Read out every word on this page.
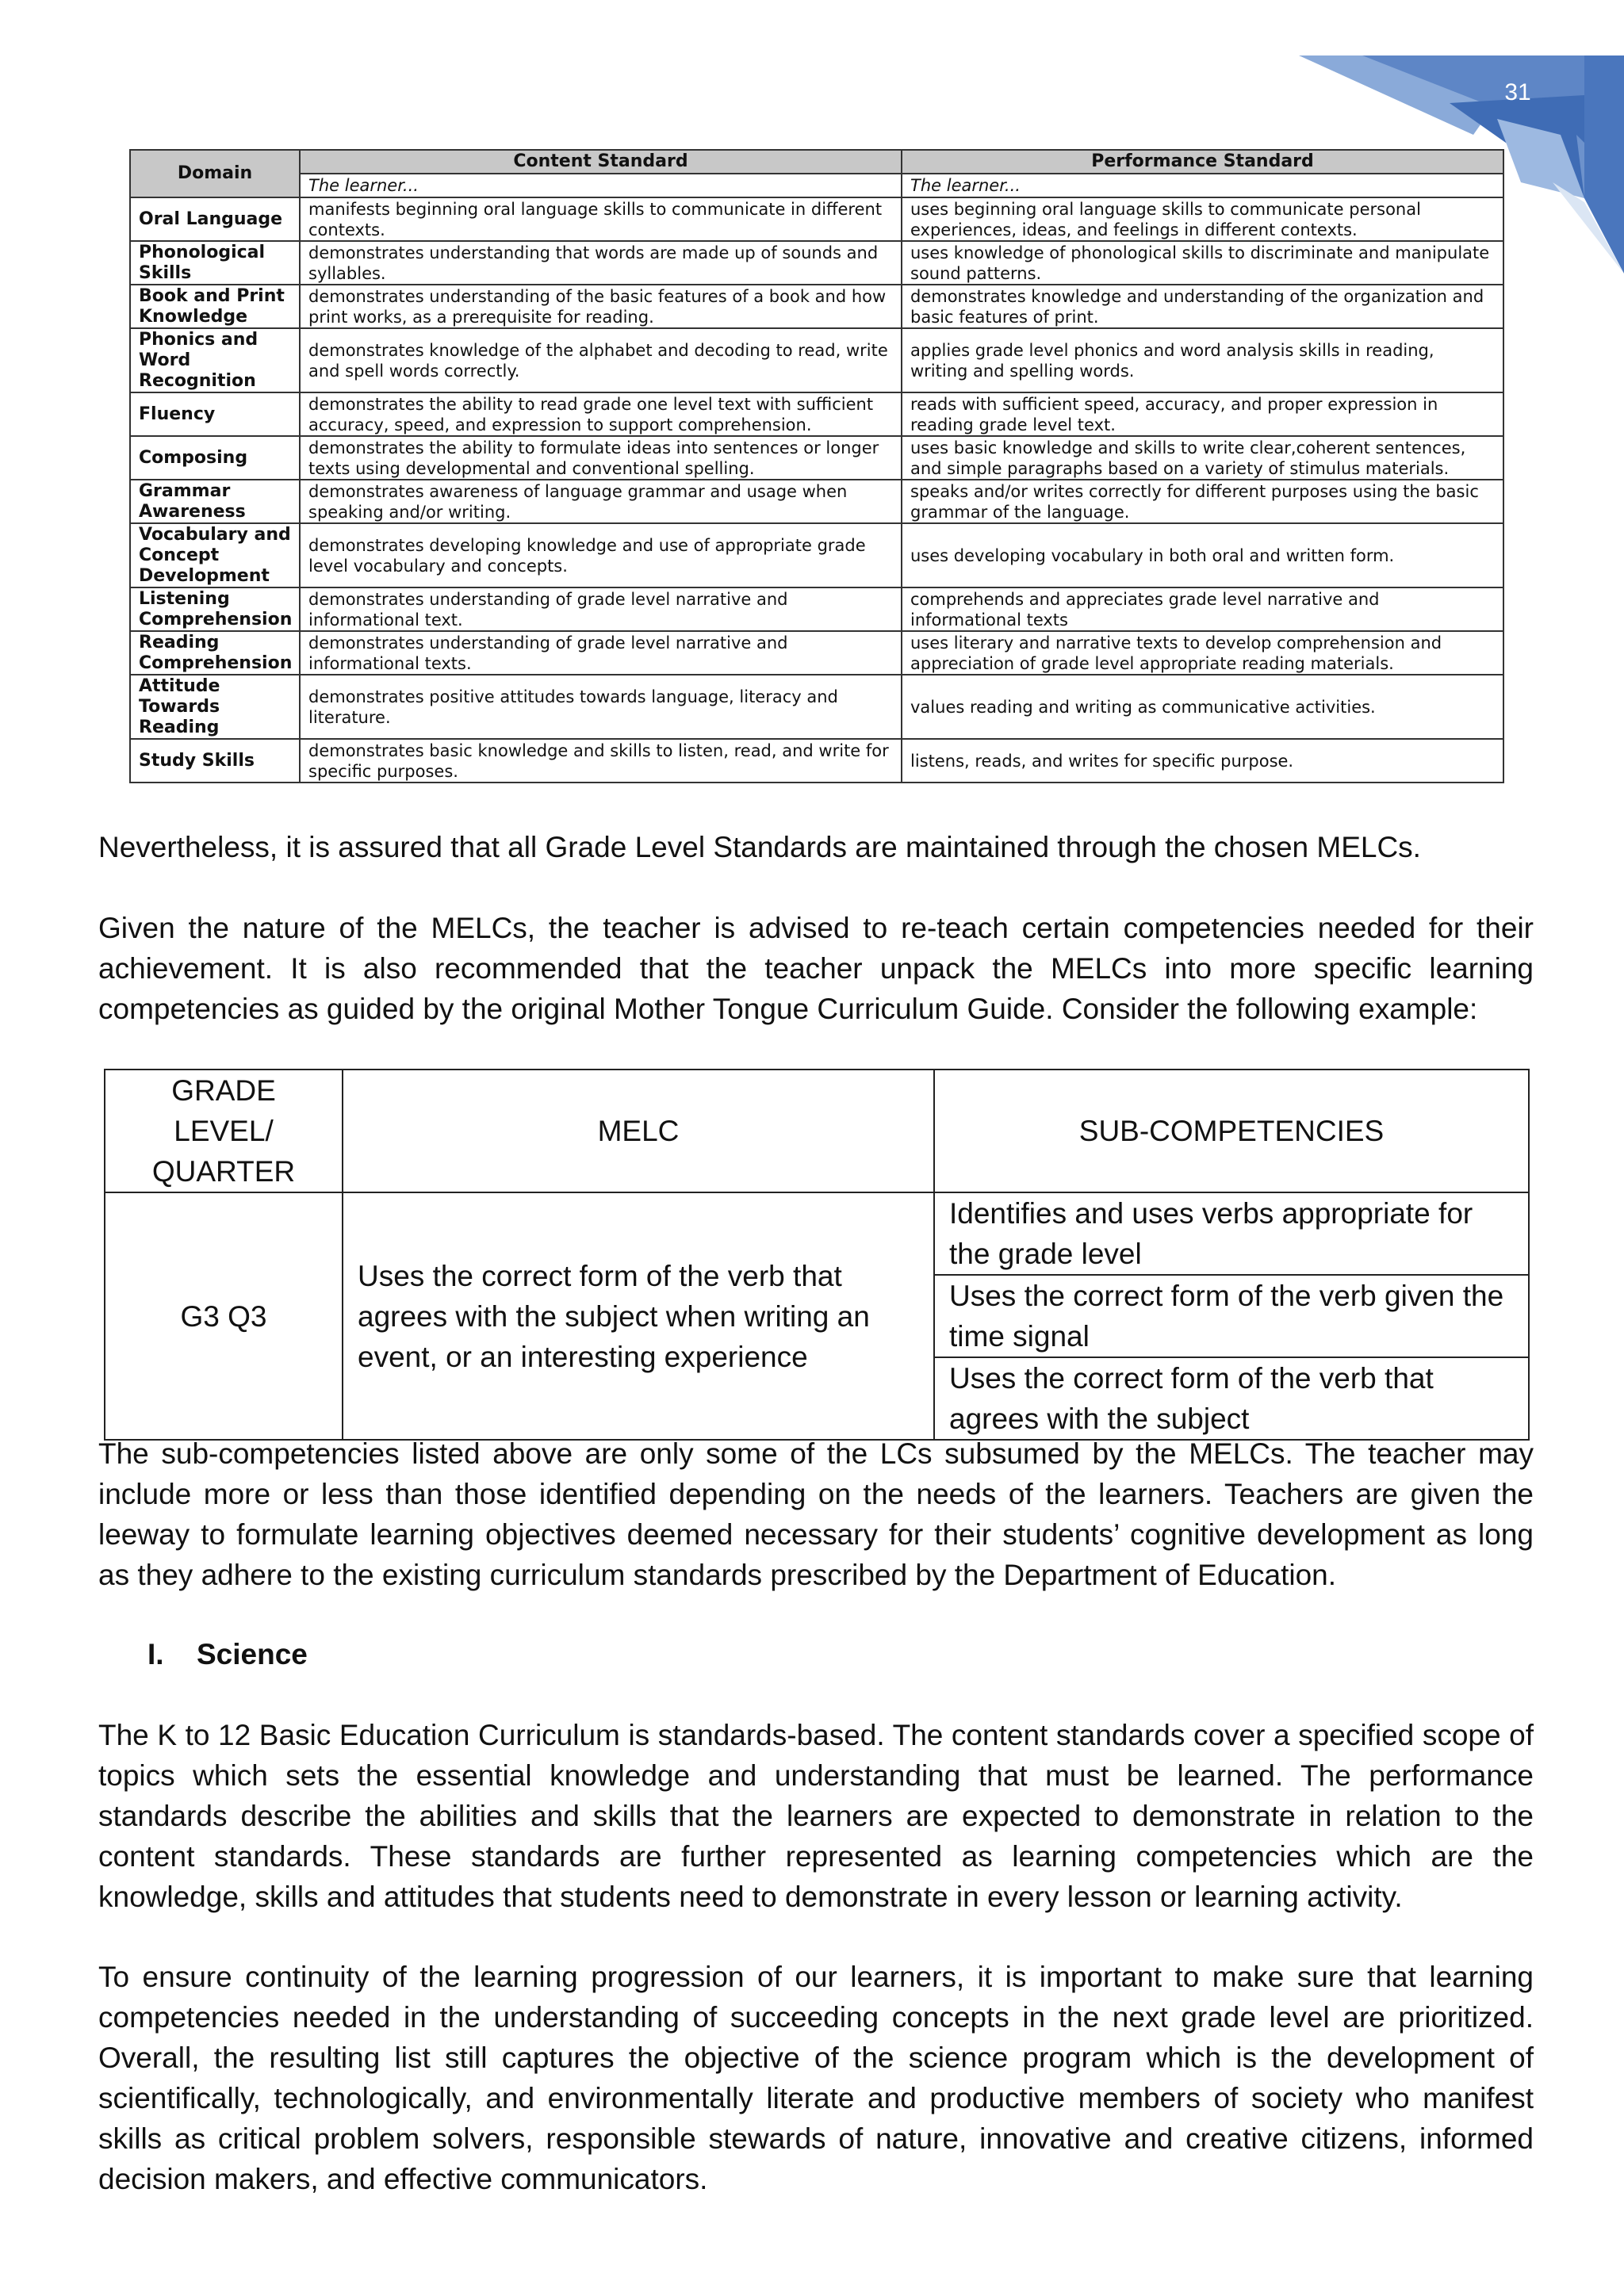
31
Domain	Content Standard	Performance Standard
	The learner...	The learner...
Oral Language	manifests beginning oral language skills to communicate in different contexts.	uses beginning oral language skills to communicate personal experiences, ideas, and feelings in different contexts.
Phonological Skills	demonstrates understanding that words are made up of sounds and syllables.	uses knowledge of phonological skills to discriminate and manipulate sound patterns.
Book and Print Knowledge	demonstrates understanding of the basic features of a book and how print works, as a prerequisite for reading.	demonstrates knowledge and understanding of the organization and basic features of print.
Phonics and Word Recognition	demonstrates knowledge of the alphabet and decoding to read, write and spell words correctly.	applies grade level phonics and word analysis skills in reading, writing and spelling words.
Fluency	demonstrates the ability to read grade one level text with sufficient accuracy, speed, and expression to support comprehension.	reads with sufficient speed, accuracy, and proper expression in reading grade level text.
Composing	demonstrates the ability to formulate ideas into sentences or longer texts using developmental and conventional spelling.	uses basic knowledge and skills to write clear,coherent sentences, and simple paragraphs based on a variety of stimulus materials.
Grammar Awareness	demonstrates awareness of language grammar and usage when speaking and/or writing.	speaks and/or writes correctly for different purposes using the basic grammar of the language.
Vocabulary and Concept Development	demonstrates developing knowledge and use of appropriate grade level vocabulary and concepts.	uses developing vocabulary in both oral and written form.
Listening Comprehension	demonstrates understanding of grade level narrative and informational text.	comprehends and appreciates grade level narrative and informational texts
Reading Comprehension	demonstrates understanding of grade level narrative and informational texts.	uses literary and narrative texts to develop comprehension and appreciation of grade level appropriate reading materials.
Attitude Towards Reading	demonstrates positive attitudes towards language, literacy and literature.	values reading and writing as communicative activities.
Study Skills	demonstrates basic knowledge and skills to listen, read, and write for specific purposes.	listens, reads, and writes for specific purpose.

Nevertheless, it is assured that all Grade Level Standards are maintained through the chosen MELCs.

Given the nature of the MELCs, the teacher is advised to re-teach certain competencies needed for their achievement. It is also recommended that the teacher unpack the MELCs into more specific learning competencies as guided by the original Mother Tongue Curriculum Guide. Consider the following example:

GRADE LEVEL/ QUARTER	MELC	SUB-COMPETENCIES
G3 Q3	Uses the correct form of the verb that agrees with the subject when writing an event, or an interesting experience	Identifies and uses verbs appropriate for the grade level
		Uses the correct form of the verb given the time signal
		Uses the correct form of the verb that agrees with the subject

The sub-competencies listed above are only some of the LCs subsumed by the MELCs. The teacher may include more or less than those identified depending on the needs of the learners. Teachers are given the leeway to formulate learning objectives deemed necessary for their students’ cognitive development as long as they adhere to the existing curriculum standards prescribed by the Department of Education.

I. Science

The K to 12 Basic Education Curriculum is standards-based. The content standards cover a specified scope of topics which sets the essential knowledge and understanding that must be learned. The performance standards describe the abilities and skills that the learners are expected to demonstrate in relation to the content standards. These standards are further represented as learning competencies which are the knowledge, skills and attitudes that students need to demonstrate in every lesson or learning activity.

To ensure continuity of the learning progression of our learners, it is important to make sure that learning competencies needed in the understanding of succeeding concepts in the next grade level are prioritized. Overall, the resulting list still captures the objective of the science program which is the development of scientifically, technologically, and environmentally literate and productive members of society who manifest skills as critical problem solvers, responsible stewards of nature, innovative and creative citizens, informed decision makers, and effective communicators.
